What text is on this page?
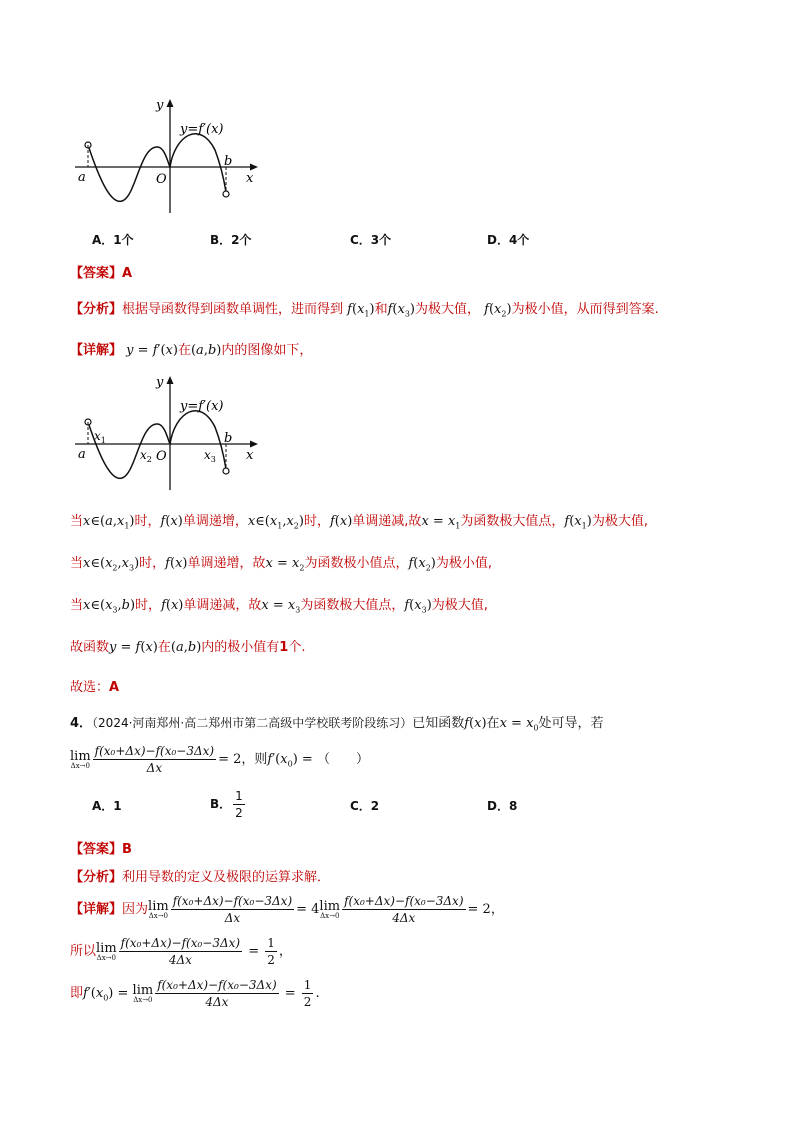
y
x
y=f′(x)
a
b
O
A．1个	B．2个	C．3个	D．4个
【答案】A
【分析】根据导函数得到函数单调性，进而得到 $f(x_1)$和$f(x_3)$为极大值， $f(x_2)$为极小值，从而得到答案.
【详解】 y = f′(x)在(a,b)内的图像如下，
y
x
y=f′(x)
a
b
O
$x_1$
$x_2$	$x_3$
当$x\in(a,x_1)$时，f(x)单调递增，$x\in(x_1,x_2)$时，f(x)单调递减,故$x = x_1$为函数极大值点，$f(x_1)$为极大值,
当$x\in(x_2,x_3)$时，f(x)单调递增，故$x = x_2$为函数极小值点，$f(x_2)$为极小值,
当$x\in(x_3,b)$时，f(x)单调递减，故$x = x_3$为函数极大值点，$f(x_3)$为极大值,
故函数y = f(x)在(a,b)内的极小值有1个.
故选：A
4．（2024·河南郑州·高二郑州市第二高级中学校联考阶段练习）已知函数f(x)在$x = x_0$处可导，若
lim
$\Delta x\to 0 \frac{\text{f(x₀+Δx)−f(x₀−3Δx)}}{\Delta x} = 2$，则$f'(x_0)$ = （　　）
A．1	B． $\frac{1}{2}$	C．2	D．8
【答案】B
【分析】利用导数的定义及极限的运算求解．
【详解】因为 lim
$\Delta x\to 0 \frac{\text{f(x₀+Δx)−f(x₀−3Δx)}}{\Delta x} = 4$ lim
$\Delta x\to 0 \frac{\text{f(x₀+Δx)−f(x₀−3Δx)}}{4\Delta x} = 2$，
所以 lim
$\Delta x\to 0 \frac{\text{f(x₀+Δx)−f(x₀−3Δx)}}{4\Delta x} = \frac{1}{2}$ ，
即$f'(x_0) = \lim$
$\Delta x\to 0 \frac{\text{f(x₀+Δx)−f(x₀−3Δx)}}{4\Delta x} = \frac{1}{2}$ .
